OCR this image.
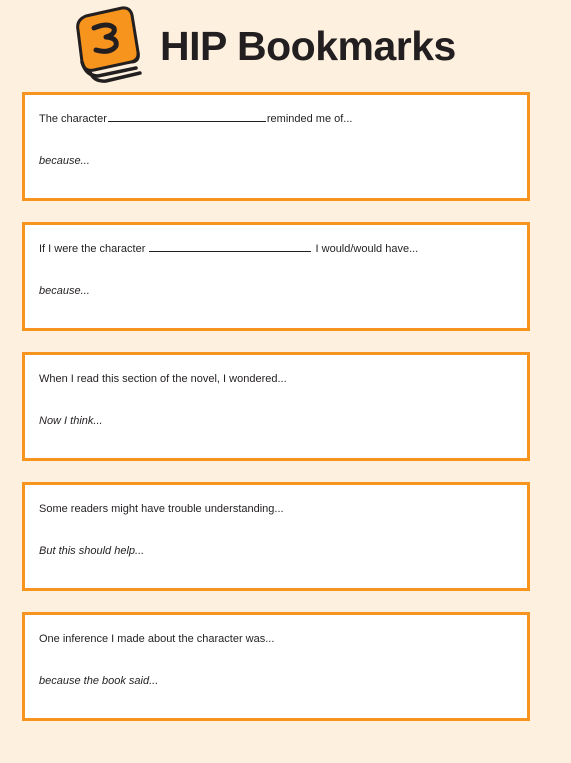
HIP Bookmarks
The character	reminded me of...
because...
If I were the character	I would/would have...
because...
When I read this section of the novel, I wondered...
Now I think...
Some readers might have trouble understanding...
But this should help...
One inference I made about the character was...
because the book said...
